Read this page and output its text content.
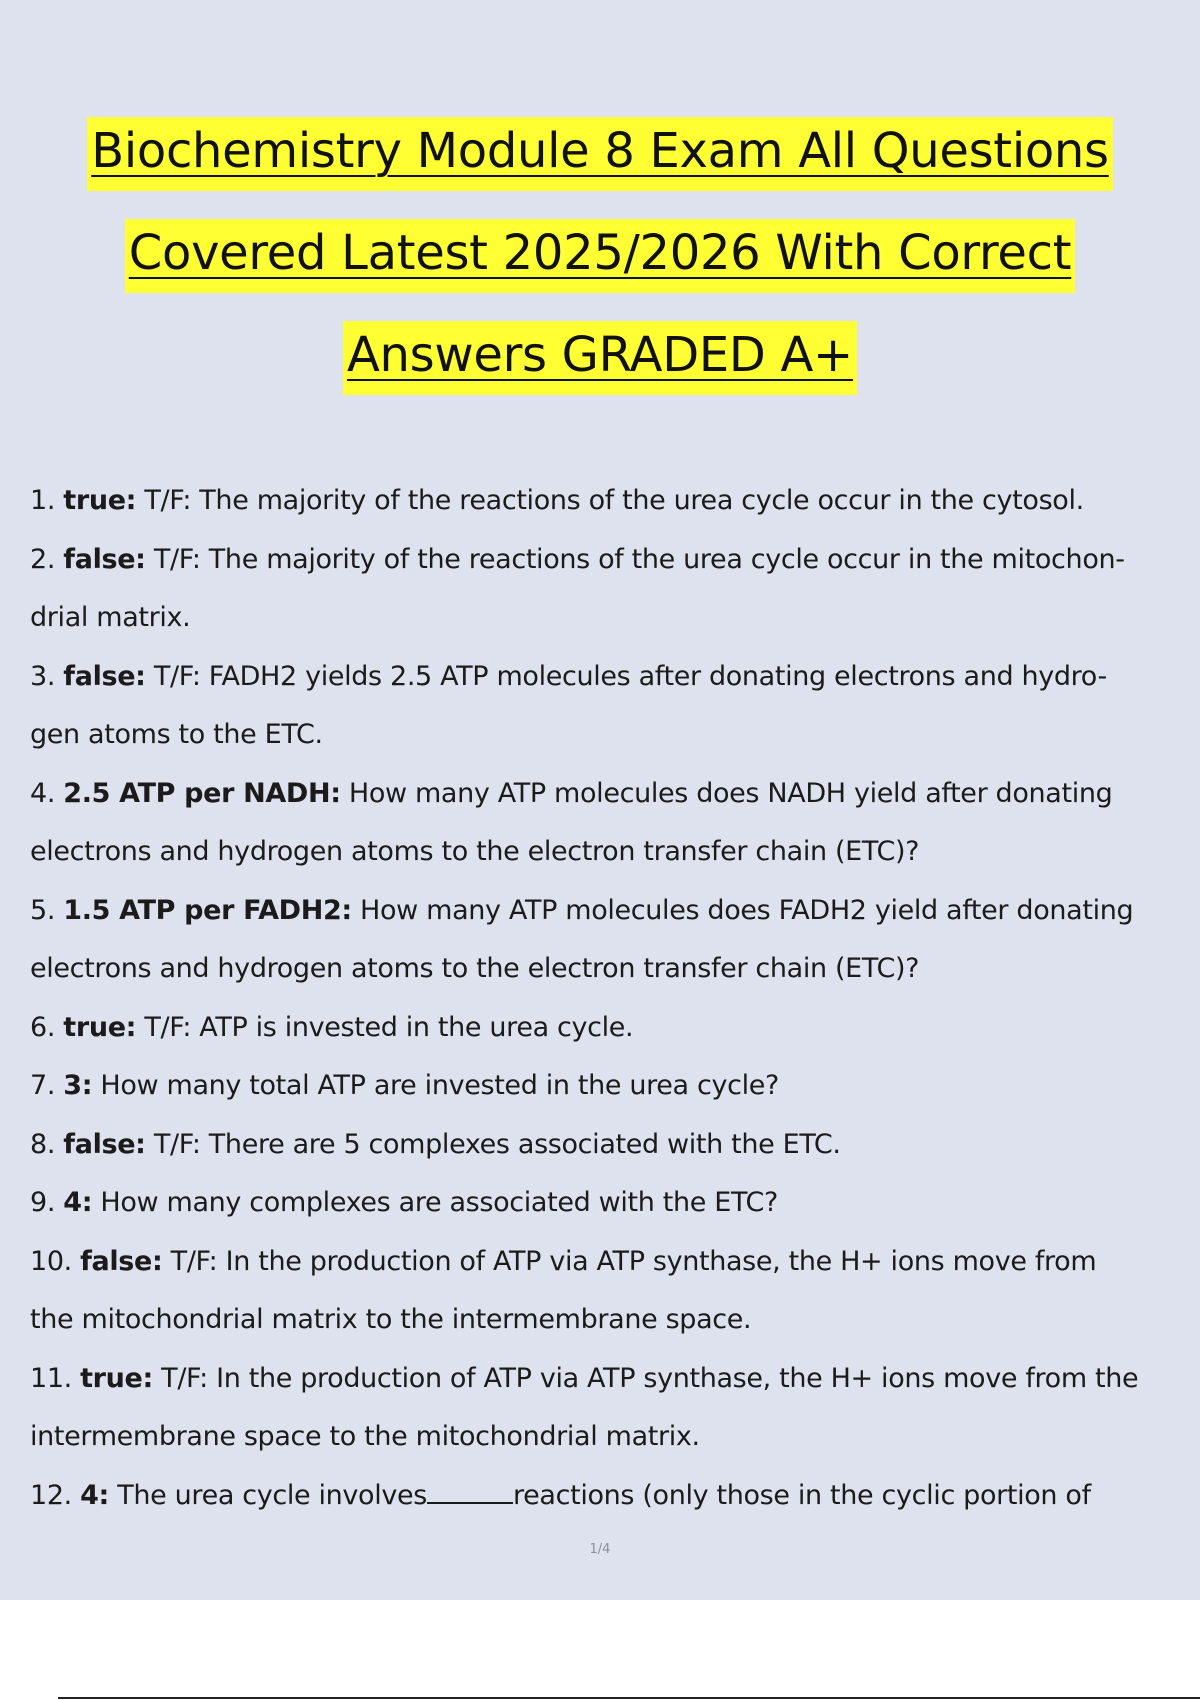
Biochemistry Module 8 Exam All Questions
Covered Latest 2025/2026 With Correct
Answers GRADED A+
1. true: T/F: The majority of the reactions of the urea cycle occur in the cytosol.
2. false: T/F: The majority of the reactions of the urea cycle occur in the mitochon-
drial matrix.
3. false: T/F: FADH2 yields 2.5 ATP molecules after donating electrons and hydro-
gen atoms to the ETC.
4. 2.5 ATP per NADH: How many ATP molecules does NADH yield after donating
electrons and hydrogen atoms to the electron transfer chain (ETC)?
5. 1.5 ATP per FADH2: How many ATP molecules does FADH2 yield after donating
electrons and hydrogen atoms to the electron transfer chain (ETC)?
6. true: T/F: ATP is invested in the urea cycle.
7. 3: How many total ATP are invested in the urea cycle?
8. false: T/F: There are 5 complexes associated with the ETC.
9. 4: How many complexes are associated with the ETC?
10. false: T/F: In the production of ATP via ATP synthase, the H+ ions move from
the mitochondrial matrix to the intermembrane space.
11. true: T/F: In the production of ATP via ATP synthase, the H+ ions move from the
intermembrane space to the mitochondrial matrix.
12. 4: The urea cycle involves	reactions (only those in the cyclic portion of
1/4
